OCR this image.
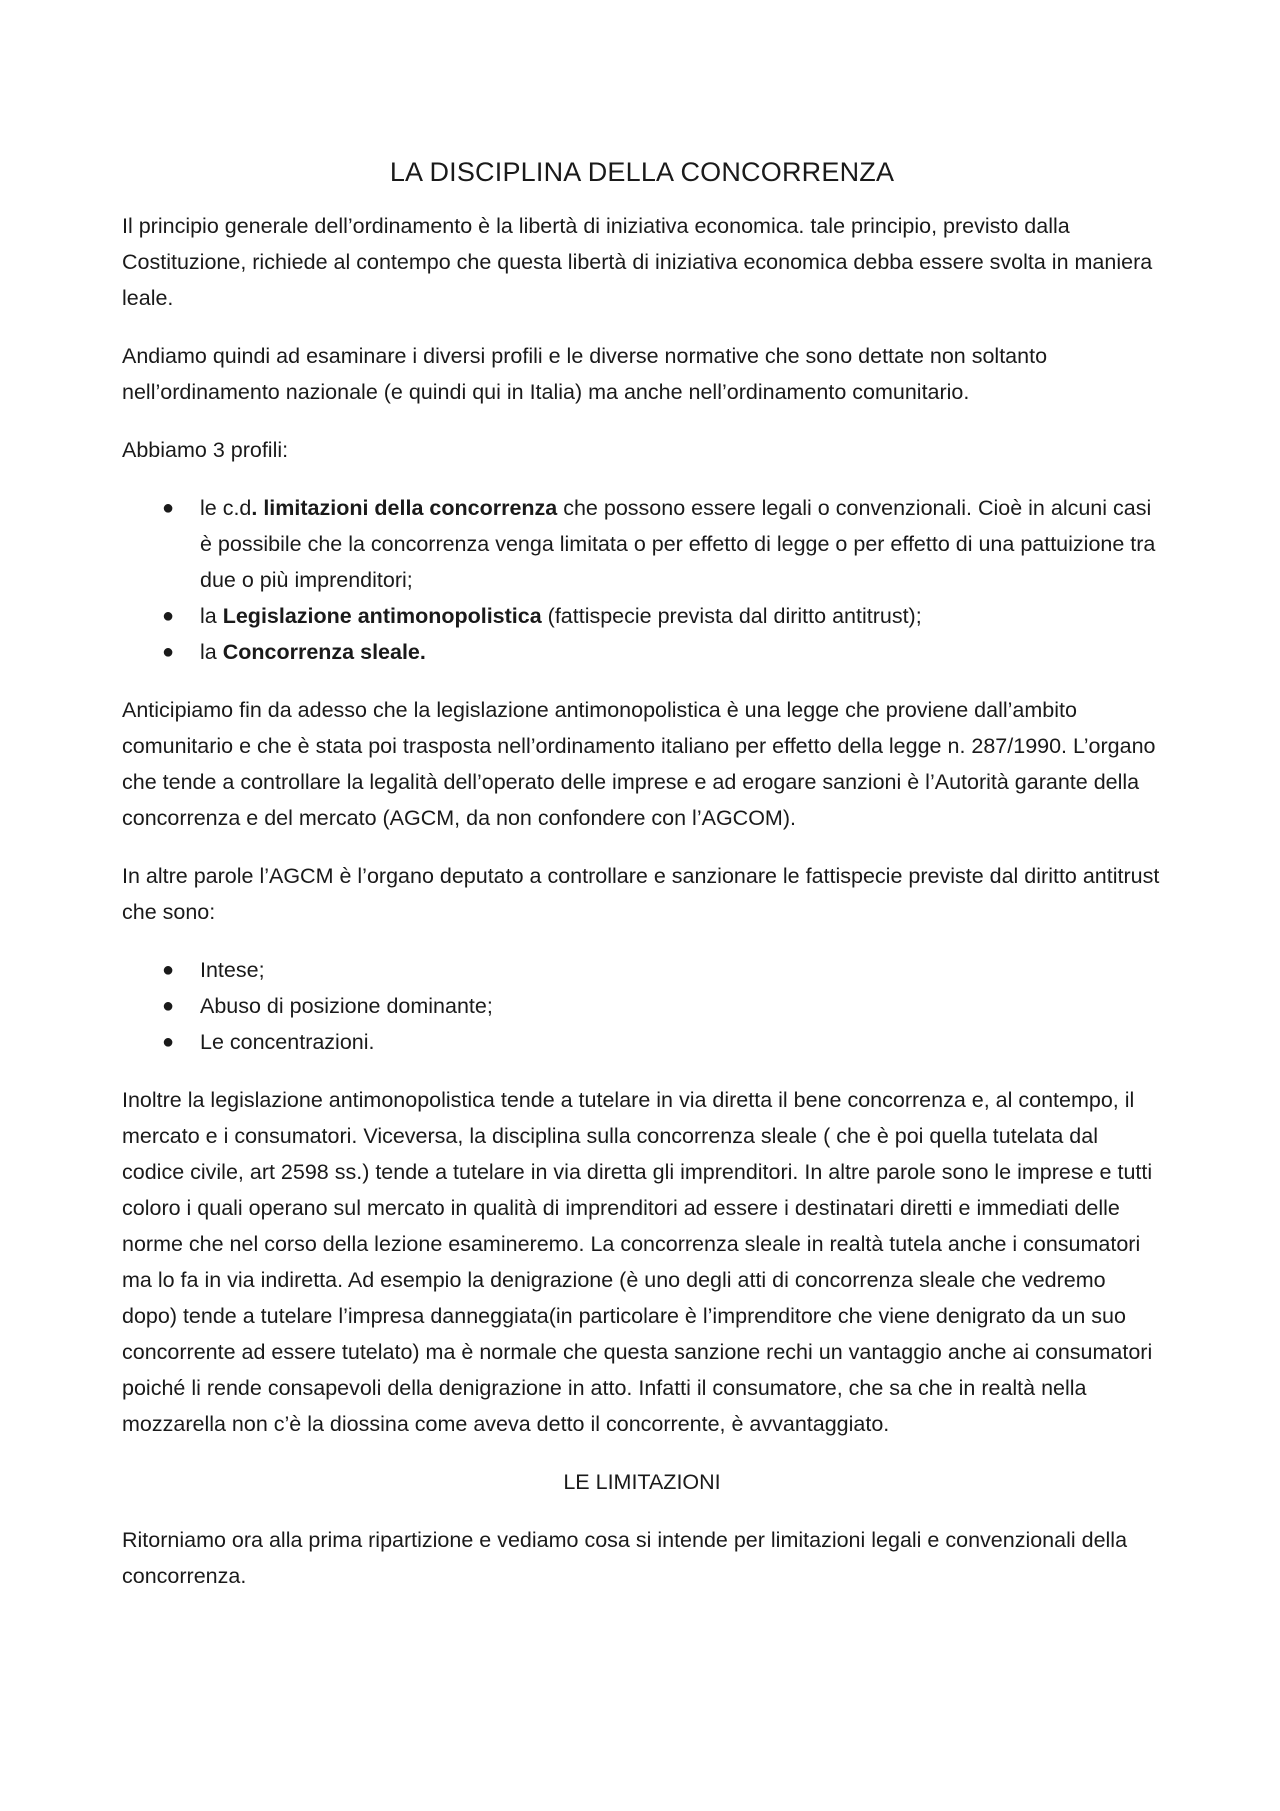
LA DISCIPLINA DELLA CONCORRENZA

Il principio generale dell’ordinamento è la libertà di iniziativa economica. tale principio, previsto dalla Costituzione, richiede al contempo che questa libertà di iniziativa economica debba essere svolta in maniera leale.

Andiamo quindi ad esaminare i diversi profili e le diverse normative che sono dettate non soltanto nell’ordinamento nazionale (e quindi qui in Italia) ma anche nell’ordinamento comunitario.

Abbiamo 3 profili:

● le c.d. limitazioni della concorrenza che possono essere legali o convenzionali. Cioè in alcuni casi è possibile che la concorrenza venga limitata o per effetto di legge o per effetto di una pattuizione tra due o più imprenditori;
● la Legislazione antimonopolistica (fattispecie prevista dal diritto antitrust);
● la Concorrenza sleale.

Anticipiamo fin da adesso che la legislazione antimonopolistica è una legge che proviene dall’ambito comunitario e che è stata poi trasposta nell’ordinamento italiano per effetto della legge n. 287/1990. L’organo che tende a controllare la legalità dell’operato delle imprese e ad erogare sanzioni è l’Autorità garante della concorrenza e del mercato (AGCM, da non confondere con l’AGCOM).

In altre parole l’AGCM è l’organo deputato a controllare e sanzionare le fattispecie previste dal diritto antitrust che sono:

● Intese;
● Abuso di posizione dominante;
● Le concentrazioni.

Inoltre la legislazione antimonopolistica tende a tutelare in via diretta il bene concorrenza e, al contempo, il mercato e i consumatori. Viceversa, la disciplina sulla concorrenza sleale ( che è poi quella tutelata dal codice civile, art 2598 ss.) tende a tutelare in via diretta gli imprenditori. In altre parole sono le imprese e tutti coloro i quali operano sul mercato in qualità di imprenditori ad essere i destinatari diretti e immediati delle norme che nel corso della lezione esamineremo. La concorrenza sleale in realtà tutela anche i consumatori ma lo fa in via indiretta. Ad esempio la denigrazione (è uno degli atti di concorrenza sleale che vedremo dopo) tende a tutelare l’impresa danneggiata(in particolare è l’imprenditore che viene denigrato da un suo concorrente ad essere tutelato) ma è normale che questa sanzione rechi un vantaggio anche ai consumatori poiché li rende consapevoli della denigrazione in atto. Infatti il consumatore, che sa che in realtà nella mozzarella non c’è la diossina come aveva detto il concorrente, è avvantaggiato.

LE LIMITAZIONI

Ritorniamo ora alla prima ripartizione e vediamo cosa si intende per limitazioni legali e convenzionali della concorrenza.
